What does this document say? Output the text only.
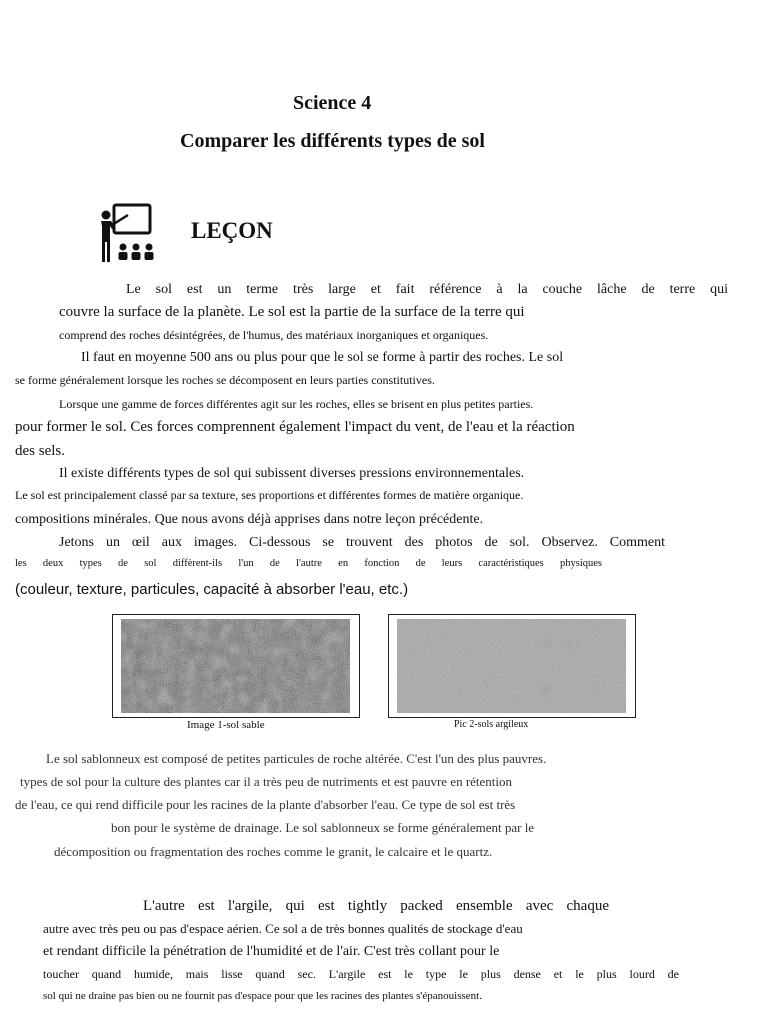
Science 4
Comparer les différents types de sol
LEÇON
Le sol est un terme très large et fait référence à la couche lâche de terre qui
couvre la surface de la planète. Le sol est la partie de la surface de la terre qui
comprend des roches désintégrées, de l'humus, des matériaux inorganiques et organiques.
Il faut en moyenne 500 ans ou plus pour que le sol se forme à partir des roches. Le sol
se forme généralement lorsque les roches se décomposent en leurs parties constitutives.
Lorsque une gamme de forces différentes agit sur les roches, elles se brisent en plus petites parties.
pour former le sol. Ces forces comprennent également l'impact du vent, de l'eau et la réaction
des sels.
Il existe différents types de sol qui subissent diverses pressions environnementales.
Le sol est principalement classé par sa texture, ses proportions et différentes formes de matière organique.
compositions minérales. Que nous avons déjà apprises dans notre leçon précédente.
Jetons un œil aux images. Ci-dessous se trouvent des photos de sol. Observez. Comment
les deux types de sol diffèrent-ils l'un de l'autre en fonction de leurs caractéristiques physiques
(couleur, texture, particules, capacité à absorber l'eau, etc.)
Image 1-sol sable	Pic 2-sols argileux
Le sol sablonneux est composé de petites particules de roche altérée. C'est l'un des plus pauvres.
types de sol pour la culture des plantes car il a très peu de nutriments et est pauvre en rétention
de l'eau, ce qui rend difficile pour les racines de la plante d'absorber l'eau. Ce type de sol est très
bon pour le système de drainage. Le sol sablonneux se forme généralement par le
décomposition ou fragmentation des roches comme le granit, le calcaire et le quartz.
L'autre est l'argile, qui est tightly packed ensemble avec chaque
autre avec très peu ou pas d'espace aérien. Ce sol a de très bonnes qualités de stockage d'eau
et rendant difficile la pénétration de l'humidité et de l'air. C'est très collant pour le
toucher quand humide, mais lisse quand sec. L'argile est le type le plus dense et le plus lourd de
sol qui ne draine pas bien ou ne fournit pas d'espace pour que les racines des plantes s'épanouissent.
